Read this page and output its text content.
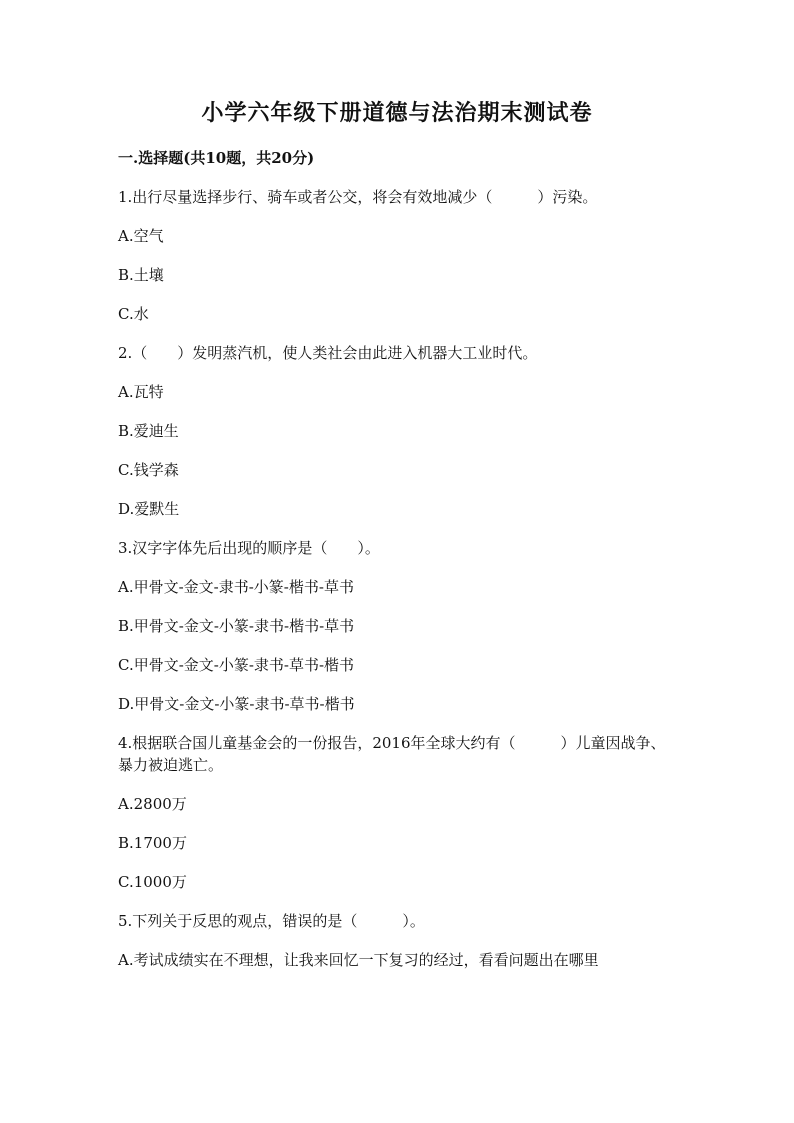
小学六年级下册道德与法治期末测试卷
一.选择题(共10题，共20分)
1.出行尽量选择步行、骑车或者公交，将会有效地减少（　　　）污染。
A.空气
B.土壤
C.水
2.（　　）发明蒸汽机，使人类社会由此进入机器大工业时代。
A.瓦特
B.爱迪生
C.钱学森
D.爱默生
3.汉字字体先后出现的顺序是（　　）。
A.甲骨文-金文-隶书-小篆-楷书-草书
B.甲骨文-金文-小篆-隶书-楷书-草书
C.甲骨文-金文-小篆-隶书-草书-楷书
D.甲骨文-金文-小篆-隶书-草书-楷书
4.根据联合国儿童基金会的一份报告，2016年全球大约有（　　　）儿童因战争、暴力被迫逃亡。
A.2800万
B.1700万
C.1000万
5.下列关于反思的观点，错误的是（　　　）。
A.考试成绩实在不理想，让我来回忆一下复习的经过，看看问题出在哪里
